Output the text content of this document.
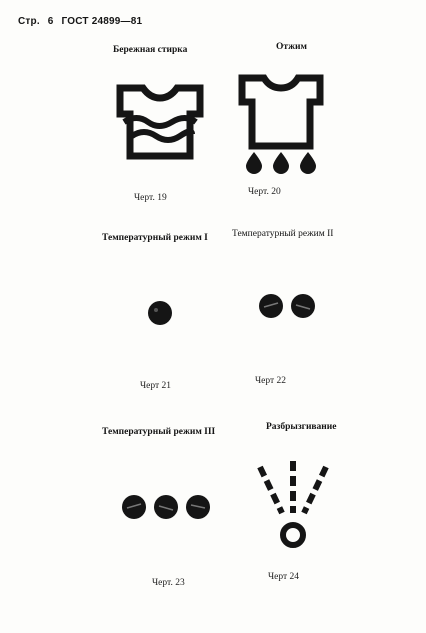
Стр. 6 ГОСТ 24899—81
Бережная стирка
Черт. 19
Отжим
Черт. 20
Температурный режим I
Черт 21
Температурный режим II
Черт 22
Температурный режим III
Черт. 23
Разбрызгивание
Черт 24
